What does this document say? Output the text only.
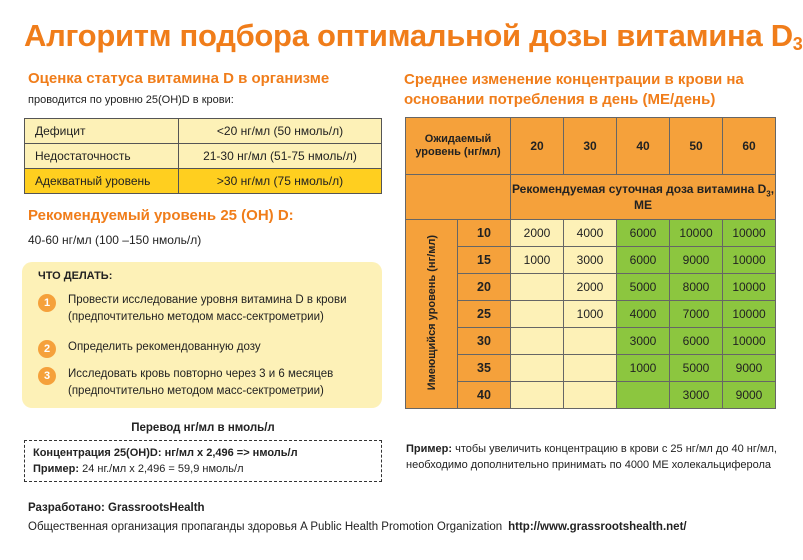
Алгоритм подбора оптимальной дозы витамина $D_3$
Оценка статуса витамина D в организме
проводится по уровню 25(OH)D в крови:
Дефицит	<20 нг/мл (50 нмоль/л)
Недостаточность	21-30 нг/мл (51-75 нмоль/л)
Адекватный уровень	>30 нг/мл (75 нмоль/л)
Рекомендуемый уровень 25 (OH) D:
40-60 нг/мл (100 –150 нмоль/л)
ЧТО ДЕЛАТЬ:
1	Провести исследование уровня витамина D в крови (предпочтительно методом масс-сектрометрии)
2	Определить рекомендованную дозу
3	Исследовать кровь повторно через 3 и 6 месяцев (предпочтительно методом масс-сектрометрии)
Перевод нг/мл в нмоль/л
Концентрация 25(OH)D: нг/мл х 2,496 => нмоль/л
Пример: 24 нг./мл х 2,496 = 59,9 нмоль/л
Разработано: GrassrootsHealth
Общественная организация пропаганды здоровья A Public Health Promotion Organization http://www.grassrootshealth.net/
Среднее изменение концентрации в крови на основании потребления в день (МЕ/день)
Ожидаемый уровень (нг/мл)		20	30	40	50	60
		Рекомендуемая суточная доза витамина $D_3$, МЕ				
Имеющийся уровень (нг/мл)	10	2000	4000	6000	10000	10000
	15	1000	3000	6000	9000	10000
	20		2000	5000	8000	10000
	25		1000	4000	7000	10000
	30			3000	6000	10000
	35			1000	5000	9000
	40				3000	9000
Пример: чтобы увеличить концентрацию в крови с 25 нг/мл до 40 нг/мл, необходимо дополнительно принимать по 4000 МЕ холекальциферола
